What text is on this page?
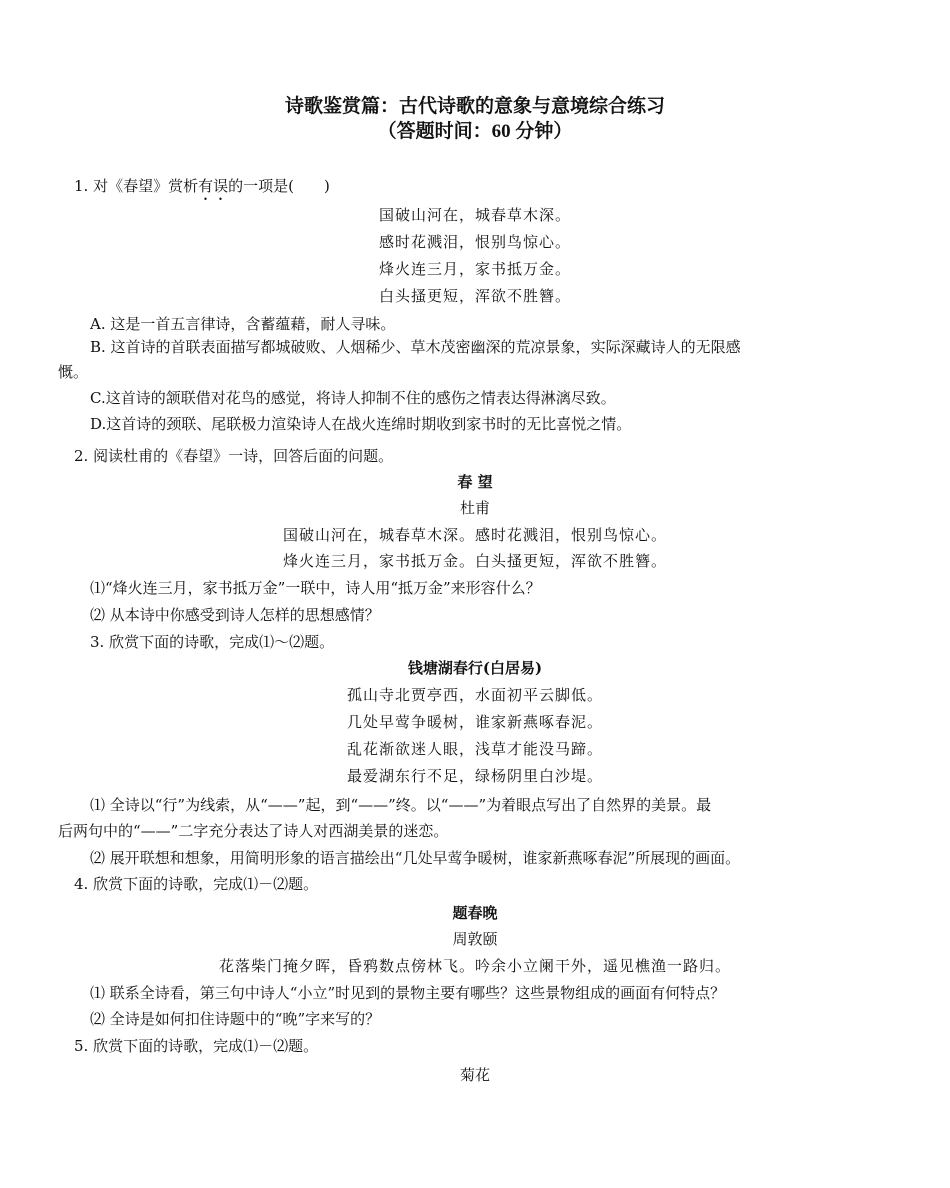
诗歌鉴赏篇：古代诗歌的意象与意境综合练习
（答题时间：60 分钟）
1. 对《春望》赏析有误的一项是(　　)
国破山河在，城春草木深。
感时花溅泪，恨别鸟惊心。
烽火连三月，家书抵万金。
白头搔更短，浑欲不胜簪。
A. 这是一首五言律诗，含蓄蕴藉，耐人寻味。
B. 这首诗的首联表面描写都城破败、人烟稀少、草木茂密幽深的荒凉景象，实际深藏诗人的无限感
慨。
C.这首诗的颔联借对花鸟的感觉，将诗人抑制不住的感伤之情表达得淋漓尽致。
D.这首诗的颈联、尾联极力渲染诗人在战火连绵时期收到家书时的无比喜悦之情。
2. 阅读杜甫的《春望》一诗，回答后面的问题。
春 望
杜甫
国破山河在，城春草木深。感时花溅泪，恨别鸟惊心。
烽火连三月，家书抵万金。白头搔更短，浑欲不胜簪。
⑴“烽火连三月，家书抵万金”一联中，诗人用“抵万金”来形容什么？
⑵ 从本诗中你感受到诗人怎样的思想感情？
3. 欣赏下面的诗歌，完成⑴～⑵题。
钱塘湖春行(白居易)
孤山寺北贾亭西，水面初平云脚低。
几处早莺争暖树，谁家新燕啄春泥。
乱花渐欲迷人眼，浅草才能没马蹄。
最爱湖东行不足，绿杨阴里白沙堤。
⑴ 全诗以“行”为线索，从“——”起，到“——”终。以“——”为着眼点写出了自然界的美景。最
后两句中的“——”二字充分表达了诗人对西湖美景的迷恋。
⑵ 展开联想和想象，用简明形象的语言描绘出“几处早莺争暖树，谁家新燕啄春泥”所展现的画面。
4. 欣赏下面的诗歌，完成⑴－⑵题。
题春晚
周敦颐
花落柴门掩夕晖，昏鸦数点傍林飞。吟余小立阑干外，遥见樵渔一路归。
⑴ 联系全诗看，第三句中诗人“小立”时见到的景物主要有哪些？这些景物组成的画面有何特点？
⑵ 全诗是如何扣住诗题中的“晚”字来写的？
5. 欣赏下面的诗歌，完成⑴－⑵题。
菊花
